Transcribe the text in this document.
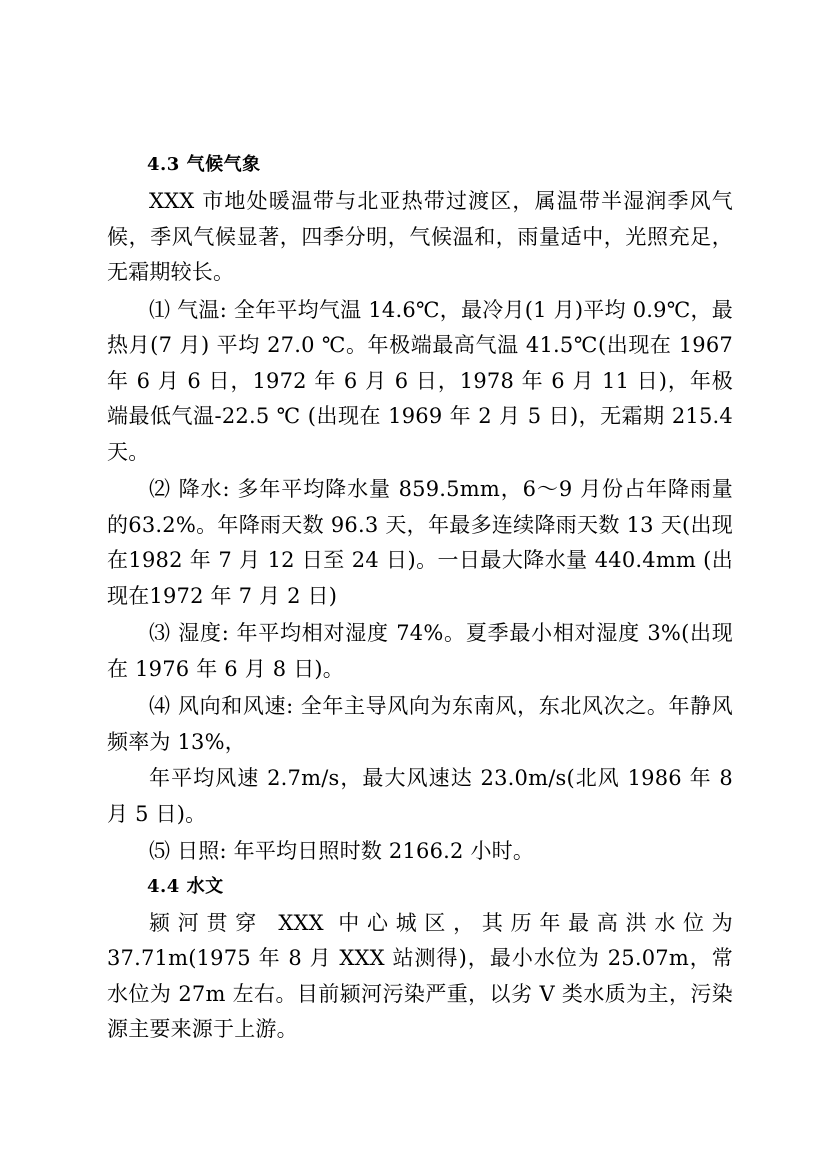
4.3 气候气象

XXX 市地处暖温带与北亚热带过渡区，属温带半湿润季风气候，季风气候显著，四季分明，气候温和，雨量适中，光照充足，无霜期较长。

⑴ 气温: 全年平均气温 14.6℃，最冷月(1 月)平均 0.9℃，最热月(7 月) 平均 27.0 ℃。年极端最高气温 41.5℃(出现在 1967 年 6 月 6 日，1972 年 6 月 6 日，1978 年 6 月 11 日)，年极端最低气温-22.5 ℃ (出现在 1969 年 2 月 5 日)，无霜期 215.4 天。

⑵ 降水: 多年平均降水量 859.5mm，6～9 月份占年降雨量的63.2%。年降雨天数 96.3 天，年最多连续降雨天数 13 天(出现在1982 年 7 月 12 日至 24 日)。一日最大降水量 440.4mm (出现在1972 年 7 月 2 日)

⑶ 湿度: 年平均相对湿度 74%。夏季最小相对湿度 3%(出现在 1976 年 6 月 8 日)。

⑷ 风向和风速: 全年主导风向为东南风，东北风次之。年静风频率为 13%，

年平均风速 2.7m/s，最大风速达 23.0m/s(北风 1986 年 8 月 5 日)。

⑸ 日照: 年平均日照时数 2166.2 小时。

4.4 水文

颍河贯穿 XXX 中心城区，其历年最高洪水位为 37.71m(1975 年 8 月 XXX 站测得)，最小水位为 25.07m，常水位为 27m 左右。目前颍河污染严重，以劣 V 类水质为主，污染源主要来源于上游。
